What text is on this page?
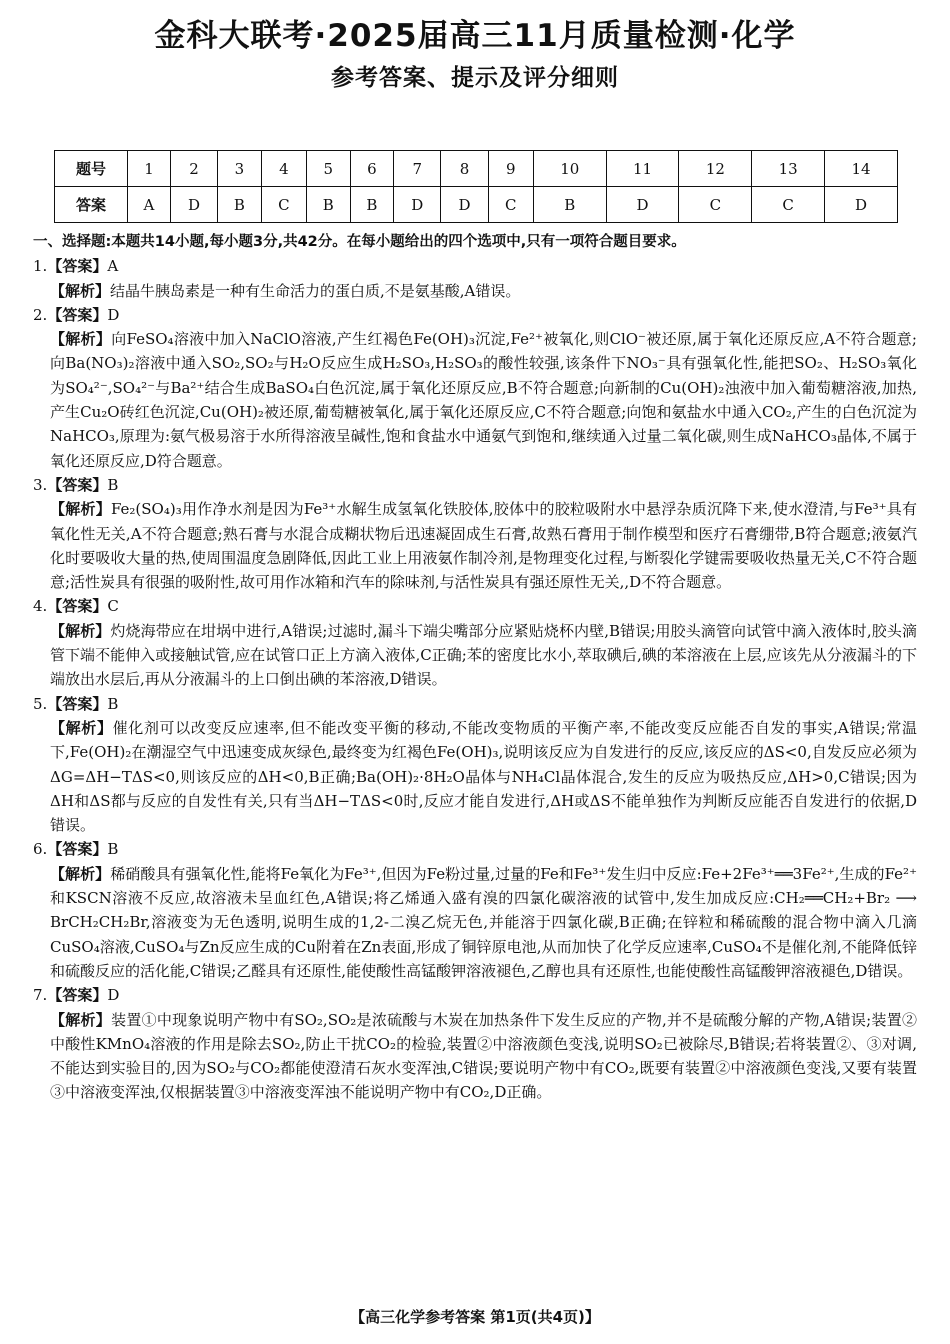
金科大联考·2025届高三11月质量检测·化学
参考答案、提示及评分细则
题号	1	2	3	4	5	6	7	8	9	10	11	12	13	14
答案	A	D	B	C	B	B	D	D	C	B	D	C	C	D

一、选择题:本题共14小题,每小题3分,共42分。在每小题给出的四个选项中,只有一项符合题目要求。

1.【答案】A

【解析】结晶牛胰岛素是一种有生命活力的蛋白质,不是氨基酸,A错误。

2.【答案】D

【解析】向FeSO₄溶液中加入NaClO溶液,产生红褐色Fe(OH)₃沉淀,Fe²⁺被氧化,则ClO⁻被还原,属于氧化还原反应,A不符合题意;向Ba(NO₃)₂溶液中通入SO₂,SO₂与H₂O反应生成H₂SO₃,H₂SO₃的酸性较强,该条件下NO₃⁻具有强氧化性,能把SO₂、H₂SO₃氧化为SO₄²⁻,SO₄²⁻与Ba²⁺结合生成BaSO₄白色沉淀,属于氧化还原反应,B不符合题意;向新制的Cu(OH)₂浊液中加入葡萄糖溶液,加热,产生Cu₂O砖红色沉淀,Cu(OH)₂被还原,葡萄糖被氧化,属于氧化还原反应,C不符合题意;向饱和氨盐水中通入CO₂,产生的白色沉淀为NaHCO₃,原理为:氨气极易溶于水所得溶液呈碱性,饱和食盐水中通氨气到饱和,继续通入过量二氧化碳,则生成NaHCO₃晶体,不属于氧化还原反应,D符合题意。

3.【答案】B

【解析】Fe₂(SO₄)₃用作净水剂是因为Fe³⁺水解生成氢氧化铁胶体,胶体中的胶粒吸附水中悬浮杂质沉降下来,使水澄清,与Fe³⁺具有氧化性无关,A不符合题意;熟石膏与水混合成糊状物后迅速凝固成生石膏,故熟石膏用于制作模型和医疗石膏绷带,B符合题意;液氨汽化时要吸收大量的热,使周围温度急剧降低,因此工业上用液氨作制冷剂,是物理变化过程,与断裂化学键需要吸收热量无关,C不符合题意;活性炭具有很强的吸附性,故可用作冰箱和汽车的除味剂,与活性炭具有强还原性无关,,D不符合题意。

4.【答案】C

【解析】灼烧海带应在坩埚中进行,A错误;过滤时,漏斗下端尖嘴部分应紧贴烧杯内壁,B错误;用胶头滴管向试管中滴入液体时,胶头滴管下端不能伸入或接触试管,应在试管口正上方滴入液体,C正确;苯的密度比水小,萃取碘后,碘的苯溶液在上层,应该先从分液漏斗的下端放出水层后,再从分液漏斗的上口倒出碘的苯溶液,D错误。

5.【答案】B

【解析】催化剂可以改变反应速率,但不能改变平衡的移动,不能改变物质的平衡产率,不能改变反应能否自发的事实,A错误;常温下,Fe(OH)₂在潮湿空气中迅速变成灰绿色,最终变为红褐色Fe(OH)₃,说明该反应为自发进行的反应,该反应的ΔS<0,自发反应必须为ΔG=ΔH−TΔS<0,则该反应的ΔH<0,B正确;Ba(OH)₂·8H₂O晶体与NH₄Cl晶体混合,发生的反应为吸热反应,ΔH>0,C错误;因为ΔH和ΔS都与反应的自发性有关,只有当ΔH−TΔS<0时,反应才能自发进行,ΔH或ΔS不能单独作为判断反应能否自发进行的依据,D错误。

6.【答案】B

【解析】稀硝酸具有强氧化性,能将Fe氧化为Fe³⁺,但因为Fe粉过量,过量的Fe和Fe³⁺发生归中反应:Fe+2Fe³⁺══3Fe²⁺,生成的Fe²⁺和KSCN溶液不反应,故溶液未呈血红色,A错误;将乙烯通入盛有溴的四氯化碳溶液的试管中,发生加成反应:CH₂══CH₂+Br₂ ⟶ BrCH₂CH₂Br,溶液变为无色透明,说明生成的1,2-二溴乙烷无色,并能溶于四氯化碳,B正确;在锌粒和稀硫酸的混合物中滴入几滴CuSO₄溶液,CuSO₄与Zn反应生成的Cu附着在Zn表面,形成了铜锌原电池,从而加快了化学反应速率,CuSO₄不是催化剂,不能降低锌和硫酸反应的活化能,C错误;乙醛具有还原性,能使酸性高锰酸钾溶液褪色,乙醇也具有还原性,也能使酸性高锰酸钾溶液褪色,D错误。

7.【答案】D

【解析】装置①中现象说明产物中有SO₂,SO₂是浓硫酸与木炭在加热条件下发生反应的产物,并不是硫酸分解的产物,A错误;装置②中酸性KMnO₄溶液的作用是除去SO₂,防止干扰CO₂的检验,装置②中溶液颜色变浅,说明SO₂已被除尽,B错误;若将装置②、③对调,不能达到实验目的,因为SO₂与CO₂都能使澄清石灰水变浑浊,C错误;要说明产物中有CO₂,既要有装置②中溶液颜色变浅,又要有装置③中溶液变浑浊,仅根据装置③中溶液变浑浊不能说明产物中有CO₂,D正确。

【高三化学参考答案 第1页(共4页)】
